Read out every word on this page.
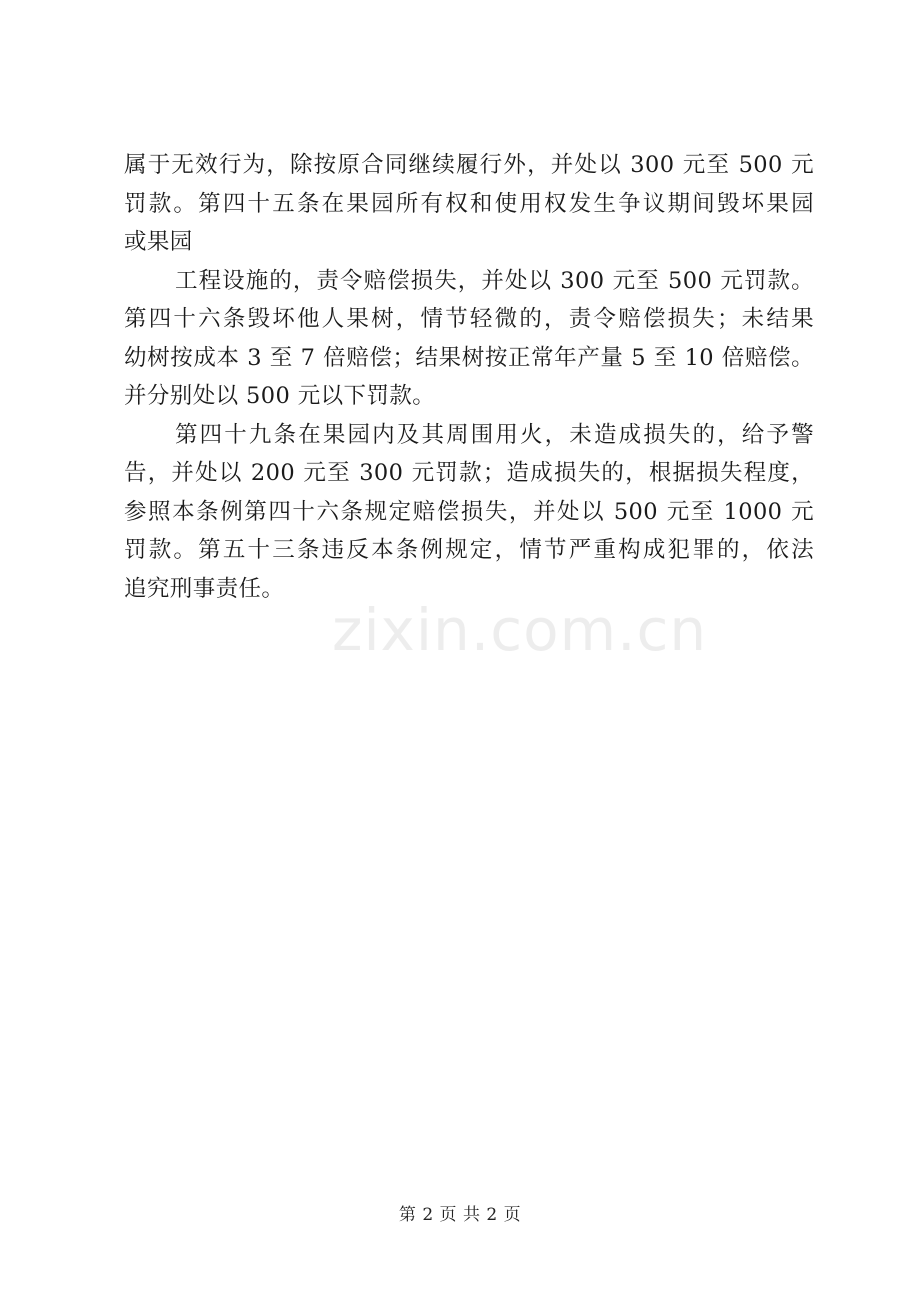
属于无效行为，除按原合同继续履行外，并处以 300 元至 500 元
罚款。第四十五条在果园所有权和使用权发生争议期间毁坏果园
或果园
工程设施的，责令赔偿损失，并处以 300 元至 500 元罚款。
第四十六条毁坏他人果树，情节轻微的，责令赔偿损失；未结果
幼树按成本 3 至 7 倍赔偿；结果树按正常年产量 5 至 10 倍赔偿。
并分别处以 500 元以下罚款。
第四十九条在果园内及其周围用火，未造成损失的，给予警
告，并处以 200 元至 300 元罚款；造成损失的，根据损失程度，
参照本条例第四十六条规定赔偿损失，并处以 500 元至 1000 元
罚款。第五十三条违反本条例规定，情节严重构成犯罪的，依法
追究刑事责任。
zixin.com.cn
第 2 页 共 2 页
